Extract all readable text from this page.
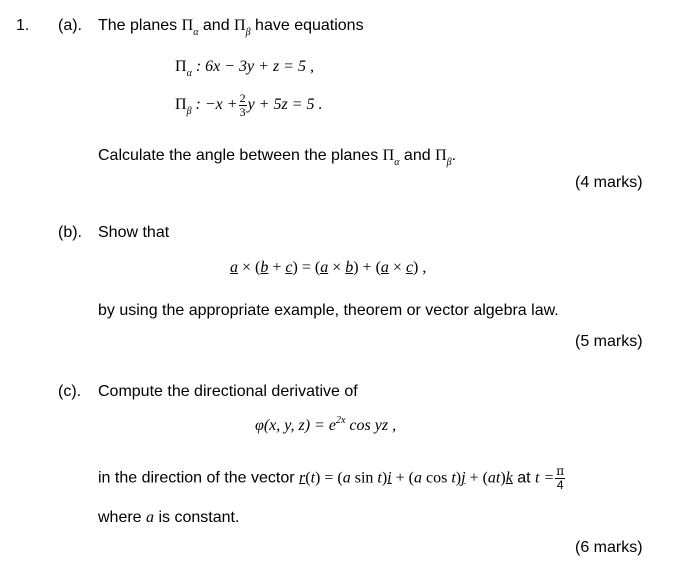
1. (a). The planes $\Pi_\alpha$ and $\Pi_\beta$ have equations
$\Pi_\alpha$ : 6x − 3y + z = 5 ,
$\Pi_\beta$ : $-x + \frac{2}{3}$ y + 5z = 5 .
Calculate the angle between the planes $\Pi_\alpha$ and $\Pi_\beta$.
(4 marks)
(b). Show that
a × (b + c) = (a × b) + (a × c) ,
by using the appropriate example, theorem or vector algebra law.
(5 marks)
(c). Compute the directional derivative of
φ(x, y, $z) = e^{2x}$ cos yz ,
in the direction of the vector r(t) = (a sin t)i + (a cos t)j + (at)k at $t = \frac{\pi}{4}$
where a is constant.
(6 marks)
